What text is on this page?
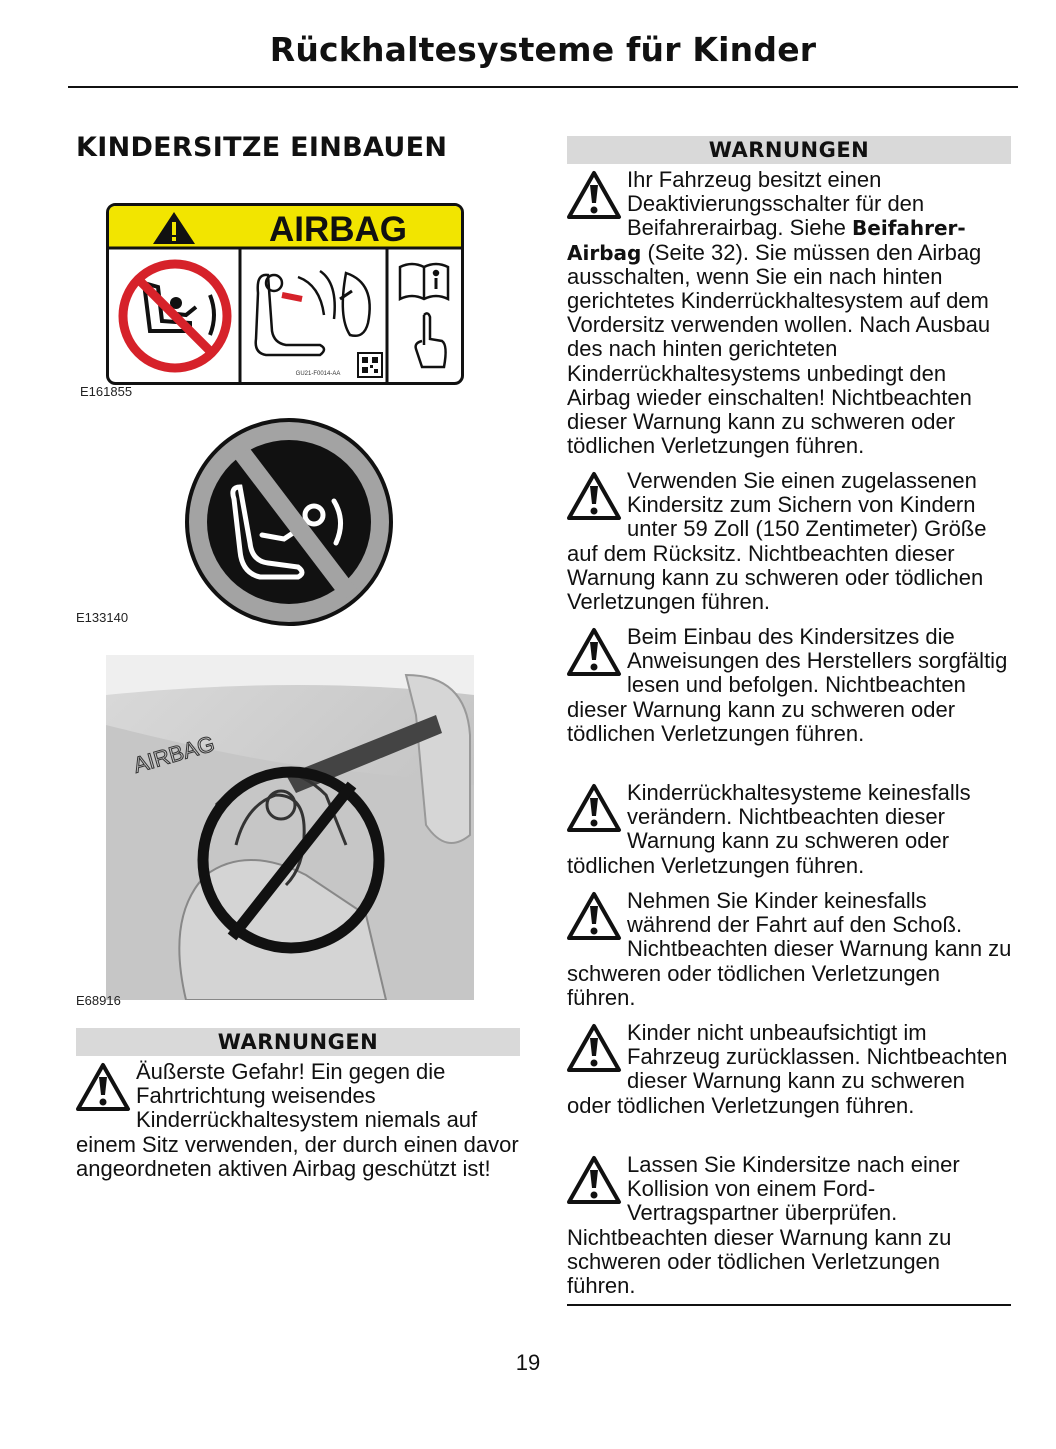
Rückhaltesysteme für Kinder
KINDERSITZE EINBAUEN
AIRBAG
GU21-F0014-AA
E161855
E133140
AIRBAG
E68916
WARNUNGEN
Äußerste Gefahr! Ein gegen die Fahrtrichtung weisendes Kinderrückhaltesystem niemals auf einem Sitz verwenden, der durch einen davor angeordneten aktiven Airbag geschützt ist!
WARNUNGEN
Ihr Fahrzeug besitzt einen Deaktivierungsschalter für den Beifahrerairbag. Siehe Beifahrer-Airbag (Seite 32). Sie müssen den Airbag ausschalten, wenn Sie ein nach hinten gerichtetes Kinderrückhaltesystem auf dem Vordersitz verwenden wollen. Nach Ausbau des nach hinten gerichteten Kinderrückhaltesystems unbedingt den Airbag wieder einschalten! Nichtbeachten dieser Warnung kann zu schweren oder tödlichen Verletzungen führen.
Verwenden Sie einen zugelassenen Kindersitz zum Sichern von Kindern unter 59 Zoll (150 Zentimeter) Größe auf dem Rücksitz. Nichtbeachten dieser Warnung kann zu schweren oder tödlichen Verletzungen führen.
Beim Einbau des Kindersitzes die Anweisungen des Herstellers sorgfältig lesen und befolgen. Nichtbeachten dieser Warnung kann zu schweren oder tödlichen Verletzungen führen.
Kinderrückhaltesysteme keinesfalls verändern. Nichtbeachten dieser Warnung kann zu schweren oder tödlichen Verletzungen führen.
Nehmen Sie Kinder keinesfalls während der Fahrt auf den Schoß. Nichtbeachten dieser Warnung kann zu schweren oder tödlichen Verletzungen führen.
Kinder nicht unbeaufsichtigt im Fahrzeug zurücklassen. Nichtbeachten dieser Warnung kann zu schweren oder tödlichen Verletzungen führen.
Lassen Sie Kindersitze nach einer Kollision von einem Ford-Vertragspartner überprüfen. Nichtbeachten dieser Warnung kann zu schweren oder tödlichen Verletzungen führen.
19
